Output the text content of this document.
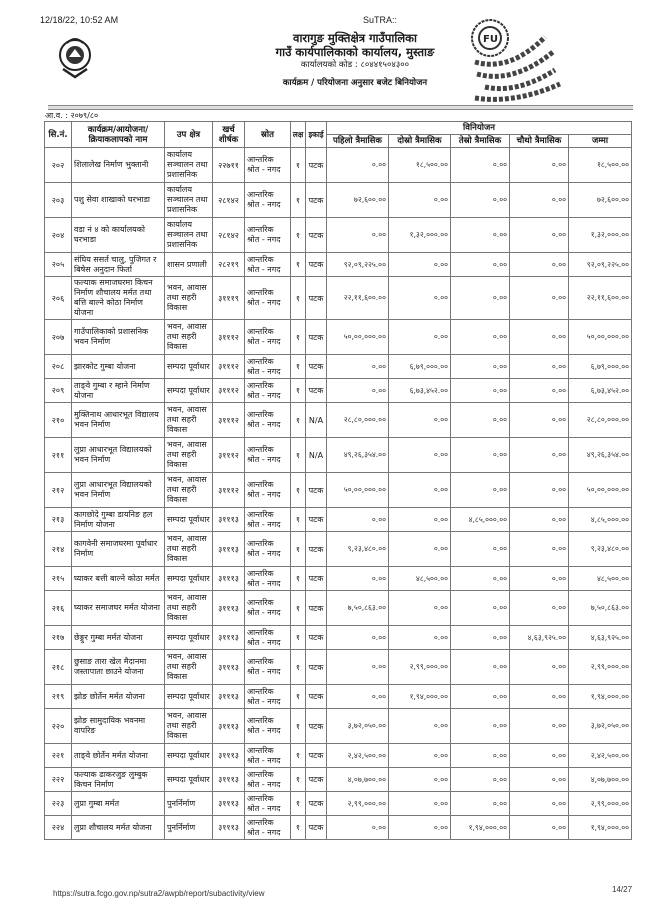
12/18/22, 10:52 AM	SuTRA::
वारागुङ मुक्तिक्षेत्र गाउँपालिका
गाउँ कार्यपालिकाको कार्यालय, मुस्ताङ
कार्यालयको कोड : ८०४४१५०४३००
कार्यक्रम / परियोजना अनुसार बजेट बिनियोजन
FU
आ.व. : २०७९/८०
सि.नं.	कार्यक्रम/आयोजना/ क्रियाकलापको नाम	उप क्षेत्र	खर्च शीर्षक	स्रोत	लक्ष	इकाई	विनियोजन				
							पहिलो त्रैमासिक	दोस्रो त्रैमासिक	तेस्रो त्रैमासिक	चौथो त्रैमासिक	जम्मा
२०२	शिलालेख निर्माण भुक्तानी	कार्यालय सञ्चालन तथा प्रशासनिक	२२७११	आन्तरिक श्रोत - नगद	१	पटक	०.००	१८,५००.००	०.००	०.००	१८,५००.००
२०३	पशु सेवा शाखाको घरभाडा	कार्यालय सञ्चालन तथा प्रशासनिक	२८१४२	आन्तरिक श्रोत - नगद	१	पटक	७२,६००.००	०.००	०.००	०.००	७२,६००.००
२०४	वडा नं ४ को कार्यालयको घरभाडा	कार्यालय सञ्चालन तथा प्रशासनिक	२८१४२	आन्तरिक श्रोत - नगद	१	पटक	०.००	१,३२,०००.००	०.००	०.००	१,३२,०००.००
२०५	संघिय ससर्त चालु, पुजिगत र बिषेस अनुदान फिर्ता	शासन प्रणाली	२८२१९	आन्तरिक श्रोत - नगद	१	पटक	९२,०९,२२५.००	०.००	०.००	०.००	९२,०९,२२५.००
२०६	फल्याक समाजघरमा किचन निर्माण शौचालय मर्मत तथा बत्ति बाल्ने कोठा निर्माण योजना	भवन, आवास तथा सहरी विकास	३१११९	आन्तरिक श्रोत - नगद	१	पटक	२२,११,६००.००	०.००	०.००	०.००	२२,११,६००.००
२०७	गाउँपालिकाको प्रशासनिक भवन निर्माण	भवन, आवास तथा सहरी विकास	३१११२	आन्तरिक श्रोत - नगद	१	पटक	५०,००,०००.००	०.००	०.००	०.००	५०,००,०००.००
२०८	झारकोट गुम्बा योजना	सम्पदा पूर्वाधार	३१११२	आन्तरिक श्रोत - नगद	१	पटक	०.००	६,७९,०००.००	०.००	०.००	६,७९,०००.००
२०९	ताङ्वे गुम्बा र म्हाने निर्माण योजना	सम्पदा पूर्वाधार	३१११२	आन्तरिक श्रोत - नगद	१	पटक	०.००	६,७३,४५२.००	०.००	०.००	६,७३,४५२.००
२१०	मुक्तिनाथ आधारभूत विद्यालय भवन निर्माण	भवन, आवास तथा सहरी विकास	३१११२	आन्तरिक श्रोत - नगद	१	N/A	२८,८०,०००.००	०.००	०.००	०.००	२८,८०,०००.००
२११	लुप्रा आधारभूत विद्यालयको भवन निर्माण	भवन, आवास तथा सहरी विकास	३१११२	आन्तरिक श्रोत - नगद	१	N/A	४९,२६,३५४.००	०.००	०.००	०.००	४९,२६,३५४.००
२१२	लुप्रा आधारभूत विद्यालयको भवन निर्माण	भवन, आवास तथा सहरी विकास	३१११२	आन्तरिक श्रोत - नगद	१	पटक	५०,००,०००.००	०.००	०.००	०.००	५०,००,०००.००
२१३	कागछोदे गुम्बा डायनिङ हल निर्माण योजना	सम्पदा पूर्वाधार	३१११३	आन्तरिक श्रोत - नगद	१	पटक	०.००	०.००	४,८५,०००.००	०.००	४,८५,०००.००
२१४	कागवेनी समाजघरमा पूर्वाधार निर्माण	भवन, आवास तथा सहरी विकास	३१११३	आन्तरिक श्रोत - नगद	१	पटक	९,२३,४८०.००	०.००	०.००	०.००	९,२३,४८०.००
२१५	घ्याकर बत्ती बाल्ने कोठा मर्मत	सम्पदा पूर्वाधार	३१११३	आन्तरिक श्रोत - नगद	१	पटक	०.००	४८,५००.००	०.००	०.००	४८,५००.००
२१६	घ्याकर समाजघर मर्मत योजना	भवन, आवास तथा सहरी विकास	३१११३	आन्तरिक श्रोत - नगद	१	पटक	७,५०,८६३.००	०.००	०.००	०.००	७,५०,८६३.००
२१७	छेङ्गुर गुम्बा मर्मत योजना	सम्पदा पूर्वाधार	३१११३	आन्तरिक श्रोत - नगद	१	पटक	०.००	०.००	०.००	४,६३,९२५.००	४,६३,९२५.००
२१८	छुसाङ तारा खेल मैदानमा जस्तापाता छाउने योजना	भवन, आवास तथा सहरी विकास	३१११३	आन्तरिक श्रोत - नगद	१	पटक	०.००	२,९९,०००.००	०.००	०.००	२,९९,०००.००
२१९	झोङ छोर्तेन मर्मत योजना	सम्पदा पूर्वाधार	३१११३	आन्तरिक श्रोत - नगद	१	पटक	०.००	१,९४,०००.००	०.००	०.००	१,९४,०००.००
२२०	झोङ सामुदायिक भवनमा वापरिङ	भवन, आवास तथा सहरी विकास	३१११३	आन्तरिक श्रोत - नगद	१	पटक	३,७२,०५०.००	०.००	०.००	०.००	३,७२,०५०.००
२२१	ताङ्वे छोर्तेन मर्मत योजना	सम्पदा पूर्वाधार	३१११३	आन्तरिक श्रोत - नगद	१	पटक	२,४२,५००.००	०.००	०.००	०.००	२,४२,५००.००
२२२	फल्याक ढाकरजुङ लुम्बुक किचन निर्माण	सम्पदा पूर्वाधार	३१११३	आन्तरिक श्रोत - नगद	१	पटक	४,०७,७००.००	०.००	०.००	०.००	४,०७,७००.००
२२३	लुप्रा गुम्बा मर्मत	पुनर्निर्माण	३१११३	आन्तरिक श्रोत - नगद	१	पटक	२,९९,०००.००	०.००	०.००	०.००	२,९९,०००.००
२२४	लुप्रा शौचालय मर्मत योजना	पुनर्निर्माण	३१११३	आन्तरिक श्रोत - नगद	१	पटक	०.००	०.००	१,९४,०००.००	०.००	१,९४,०००.००
https://sutra.fcgo.gov.np/sutra2/awpb/report/subactivity/view	14/27
